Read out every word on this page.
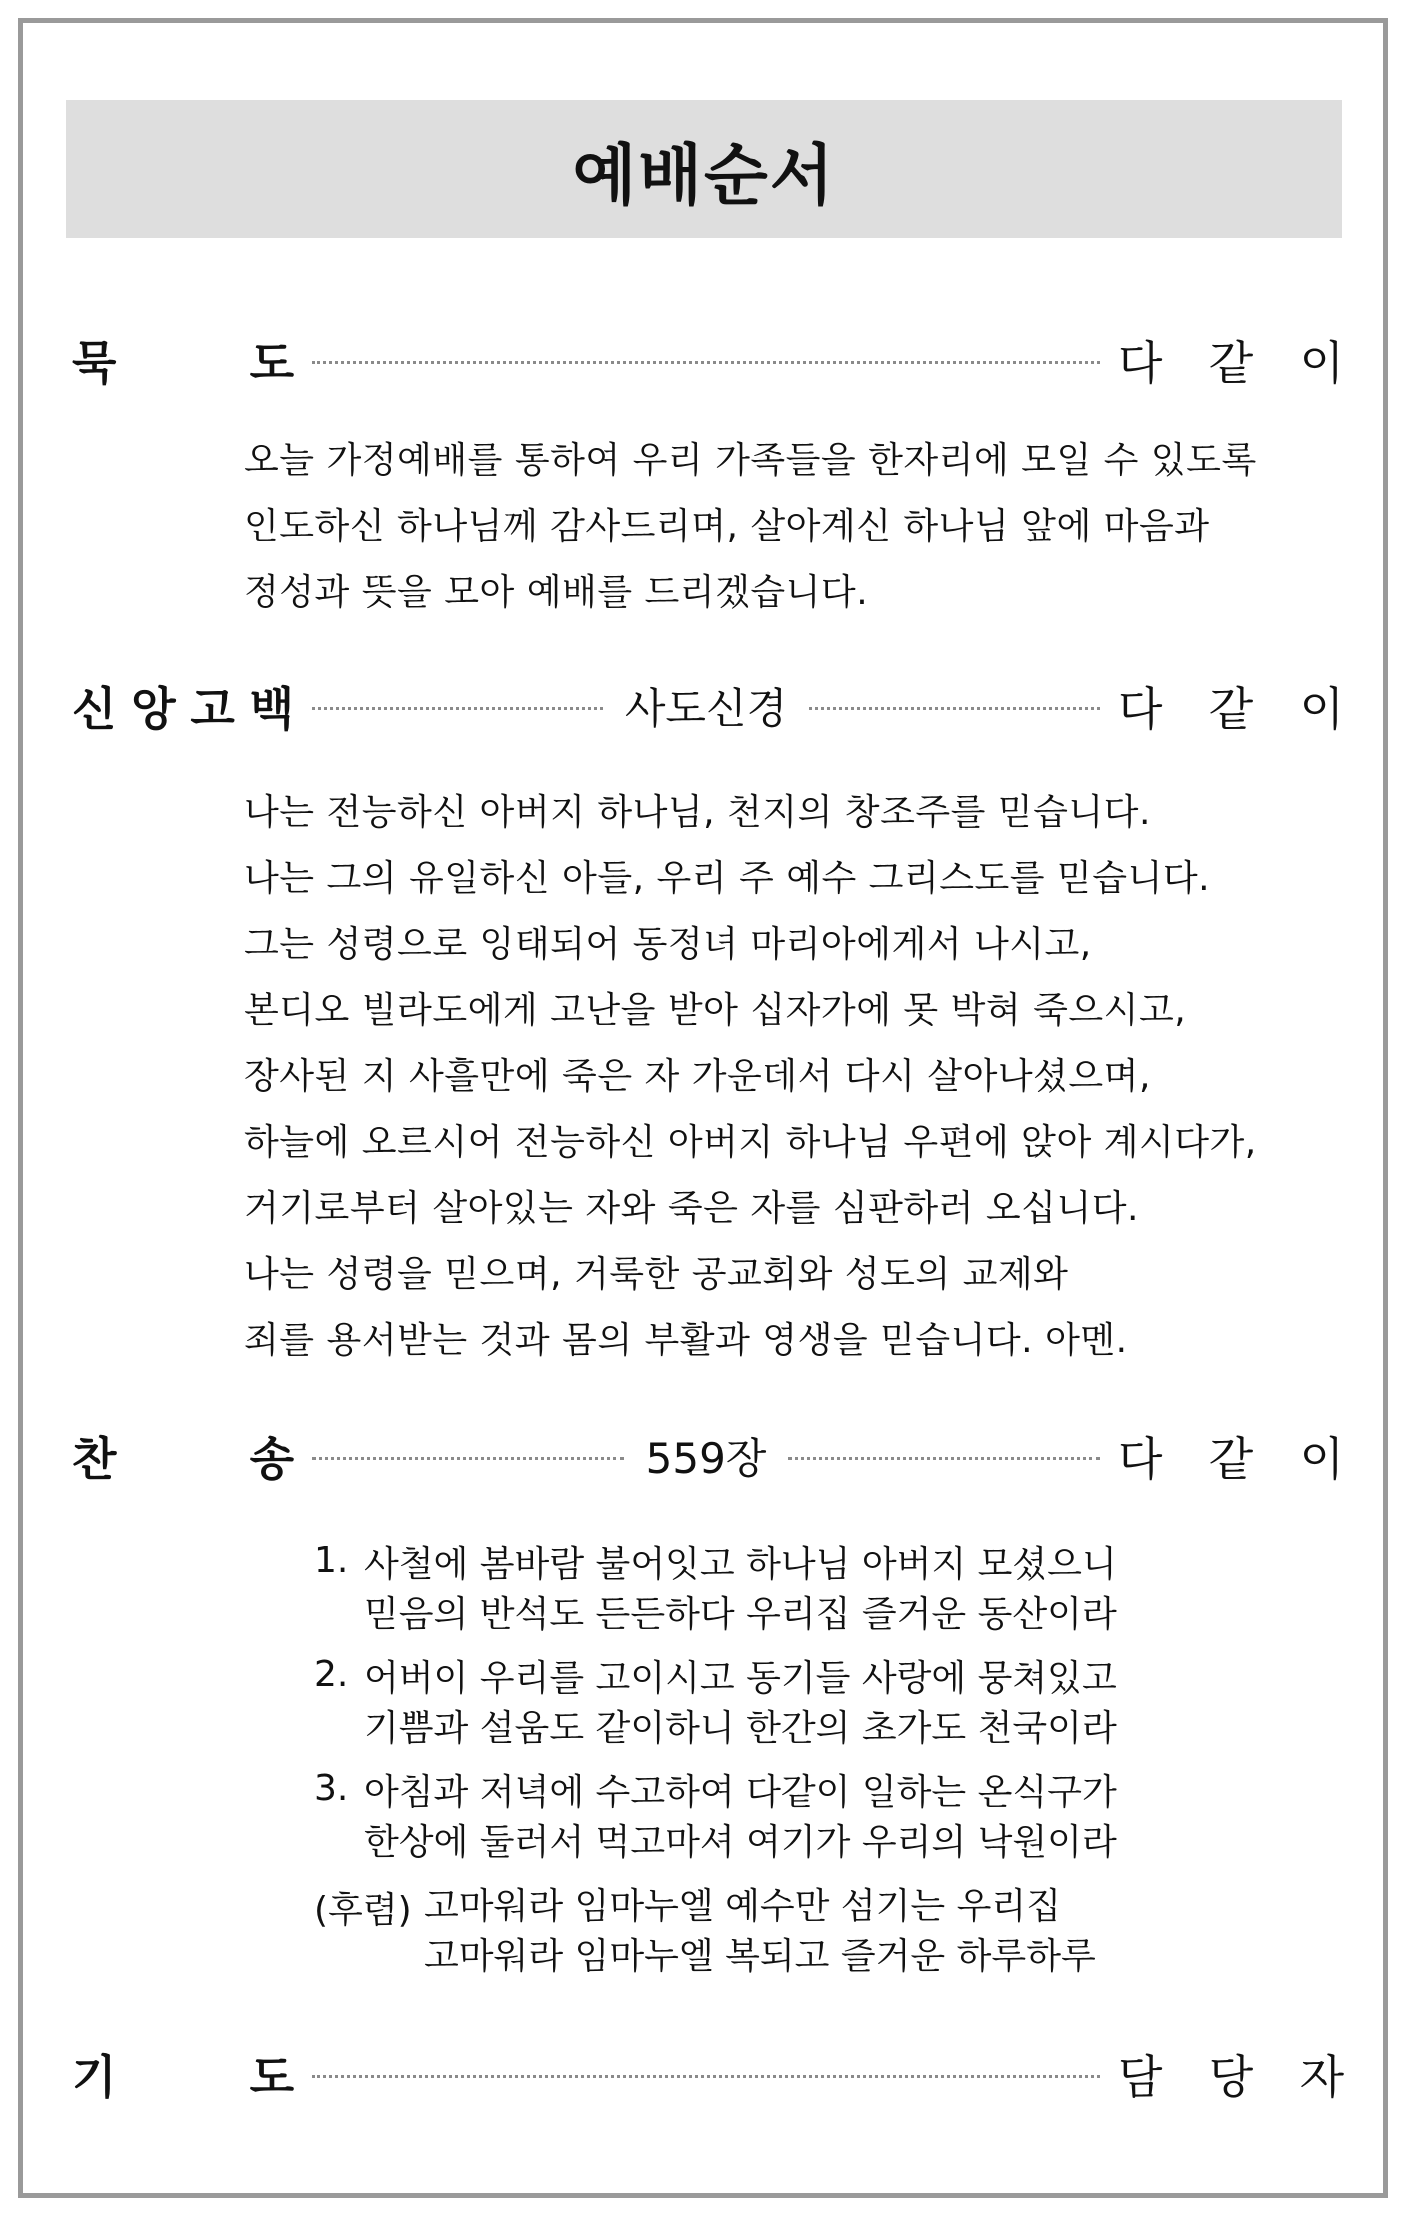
예배순서
묵	도	다 같 이
오늘 가정예배를 통하여 우리 가족들을 한자리에 모일 수 있도록
인도하신 하나님께 감사드리며, 살아계신 하나님 앞에 마음과
정성과 뜻을 모아 예배를 드리겠습니다.
신 앙 고 백	사도신경	다 같 이
나는 전능하신 아버지 하나님, 천지의 창조주를 믿습니다.
나는 그의 유일하신 아들, 우리 주 예수 그리스도를 믿습니다.
그는 성령으로 잉태되어 동정녀 마리아에게서 나시고,
본디오 빌라도에게 고난을 받아 십자가에 못 박혀 죽으시고,
장사된 지 사흘만에 죽은 자 가운데서 다시 살아나셨으며,
하늘에 오르시어 전능하신 아버지 하나님 우편에 앉아 계시다가,
거기로부터 살아있는 자와 죽은 자를 심판하러 오십니다.
나는 성령을 믿으며, 거룩한 공교회와 성도의 교제와
죄를 용서받는 것과 몸의 부활과 영생을 믿습니다. 아멘.
찬	송	559장	다 같 이
1. 사철에 봄바람 불어잇고 하나님 아버지 모셨으니
믿음의 반석도 든든하다 우리집 즐거운 동산이라
2. 어버이 우리를 고이시고 동기들 사랑에 뭉쳐있고
기쁨과 설움도 같이하니 한간의 초가도 천국이라
3. 아침과 저녁에 수고하여 다같이 일하는 온식구가
한상에 둘러서 먹고마셔 여기가 우리의 낙원이라
(후렴) 고마워라 임마누엘 예수만 섬기는 우리집
고마워라 임마누엘 복되고 즐거운 하루하루
기	도	담 당 자
